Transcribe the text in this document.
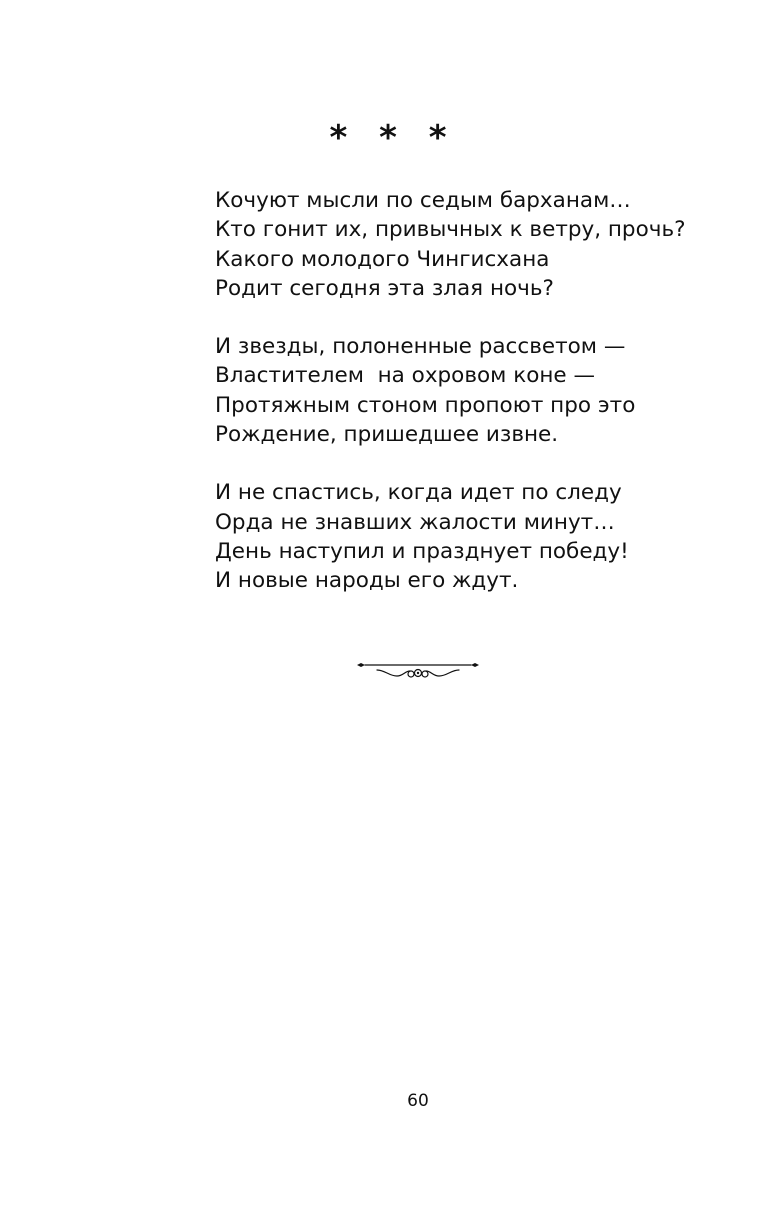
* * *
Кочуют мысли по седым барханам…
Кто гонит их, привычных к ветру, прочь?
Какого молодого Чингисхана
Родит сегодня эта злая ночь?
И звезды, полоненные рассветом —
Властителем  на охровом коне —
Протяжным стоном пропоют про это
Рождение, пришедшее извне.
И не спастись, когда идет по следу
Орда не знавших жалости минут…
День наступил и празднует победу!
И новые народы его ждут.
60
